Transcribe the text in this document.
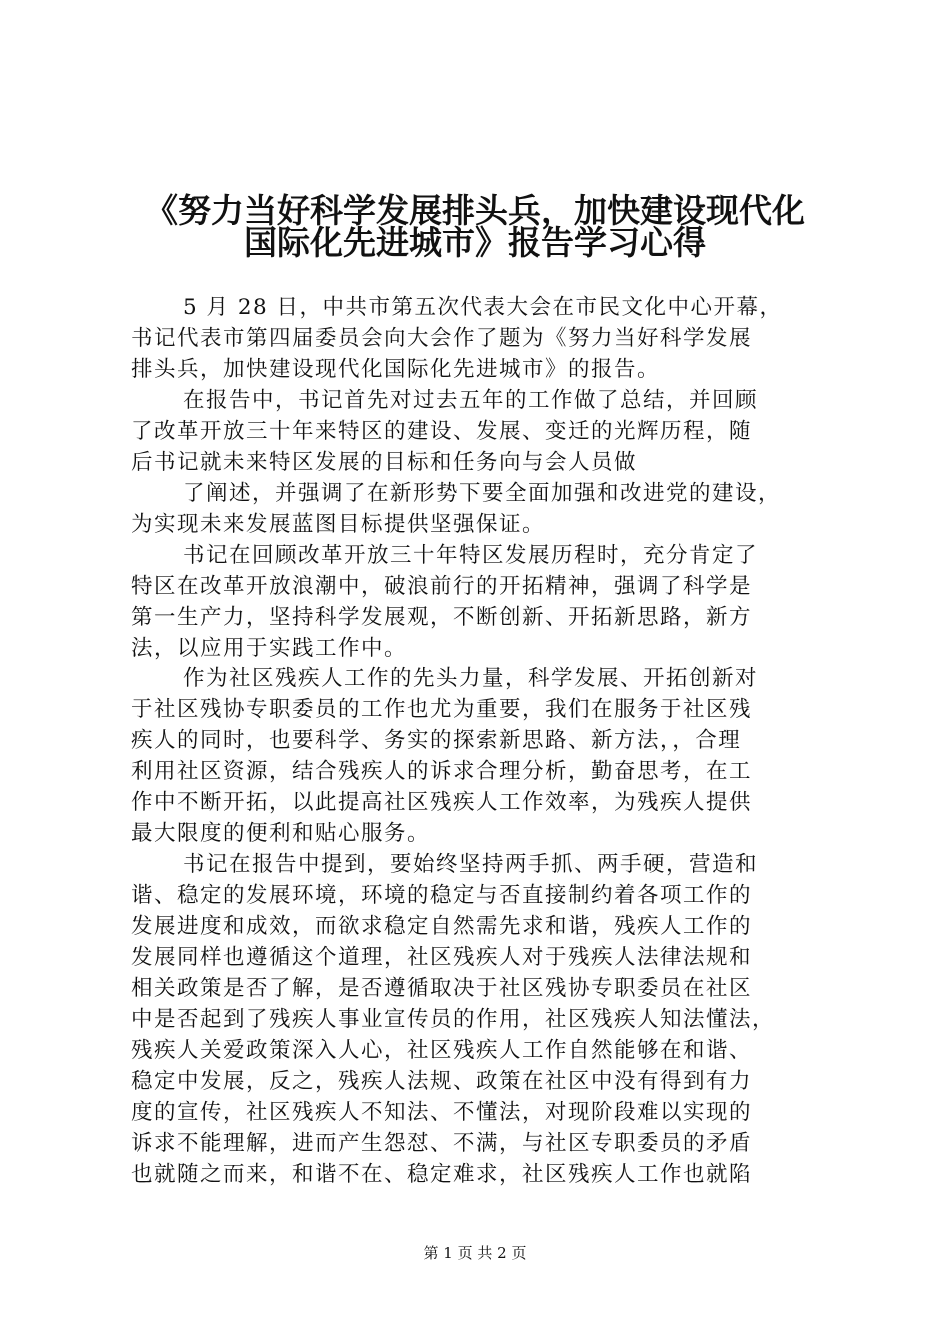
《努力当好科学发展排头兵，加快建设现代化
国际化先进城市》报告学习心得
5 月 28 日，中共市第五次代表大会在市民文化中心开幕，
书记代表市第四届委员会向大会作了题为《努力当好科学发展
排头兵，加快建设现代化国际化先进城市》的报告。
在报告中，书记首先对过去五年的工作做了总结，并回顾
了改革开放三十年来特区的建设、发展、变迁的光辉历程，随
后书记就未来特区发展的目标和任务向与会人员做
了阐述，并强调了在新形势下要全面加强和改进党的建设，
为实现未来发展蓝图目标提供坚强保证。
书记在回顾改革开放三十年特区发展历程时，充分肯定了
特区在改革开放浪潮中，破浪前行的开拓精神，强调了科学是
第一生产力，坚持科学发展观，不断创新、开拓新思路，新方
法，以应用于实践工作中。
作为社区残疾人工作的先头力量，科学发展、开拓创新对
于社区残协专职委员的工作也尤为重要，我们在服务于社区残
疾人的同时，也要科学、务实的探索新思路、新方法，，合理
利用社区资源，结合残疾人的诉求合理分析，勤奋思考，在工
作中不断开拓，以此提高社区残疾人工作效率，为残疾人提供
最大限度的便利和贴心服务。
书记在报告中提到，要始终坚持两手抓、两手硬，营造和
谐、稳定的发展环境，环境的稳定与否直接制约着各项工作的
发展进度和成效，而欲求稳定自然需先求和谐，残疾人工作的
发展同样也遵循这个道理，社区残疾人对于残疾人法律法规和
相关政策是否了解，是否遵循取决于社区残协专职委员在社区
中是否起到了残疾人事业宣传员的作用，社区残疾人知法懂法，
残疾人关爱政策深入人心，社区残疾人工作自然能够在和谐、
稳定中发展，反之，残疾人法规、政策在社区中没有得到有力
度的宣传，社区残疾人不知法、不懂法，对现阶段难以实现的
诉求不能理解，进而产生怨怼、不满，与社区专职委员的矛盾
也就随之而来，和谐不在、稳定难求，社区残疾人工作也就陷
第 1 页 共 2 页
